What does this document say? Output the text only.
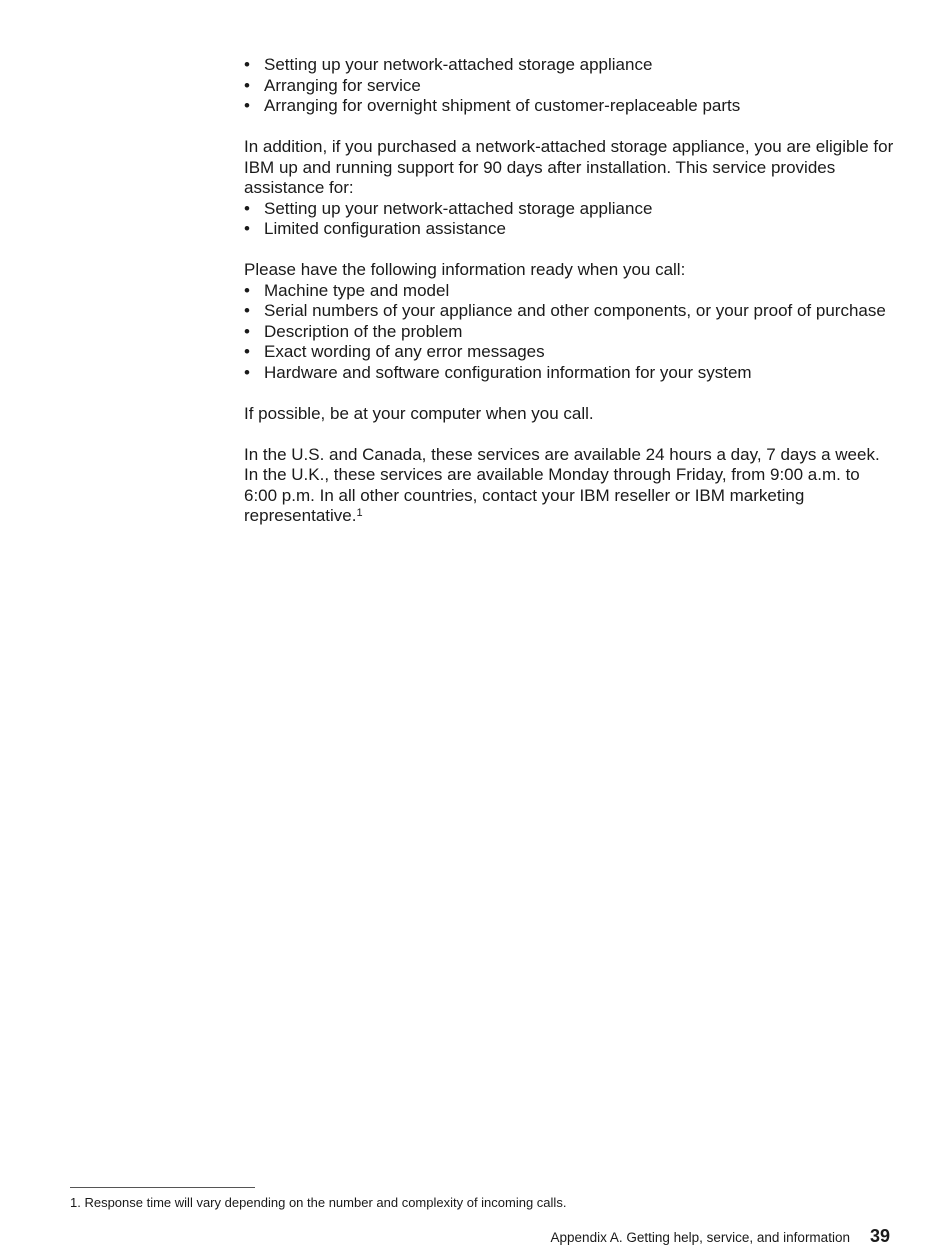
• Setting up your network-attached storage appliance
• Arranging for service
• Arranging for overnight shipment of customer-replaceable parts

In addition, if you purchased a network-attached storage appliance, you are eligible for IBM up and running support for 90 days after installation. This service provides assistance for:

• Setting up your network-attached storage appliance
• Limited configuration assistance

Please have the following information ready when you call:

• Machine type and model
• Serial numbers of your appliance and other components, or your proof of purchase
• Description of the problem
• Exact wording of any error messages
• Hardware and software configuration information for your system

If possible, be at your computer when you call.

In the U.S. and Canada, these services are available 24 hours a day, 7 days a week. In the U.K., these services are available Monday through Friday, from 9:00 a.m. to 6:00 p.m. In all other countries, contact your IBM reseller or IBM marketing representative.$^1$

1. Response time will vary depending on the number and complexity of incoming calls.
Appendix A. Getting help, service, and information 39
